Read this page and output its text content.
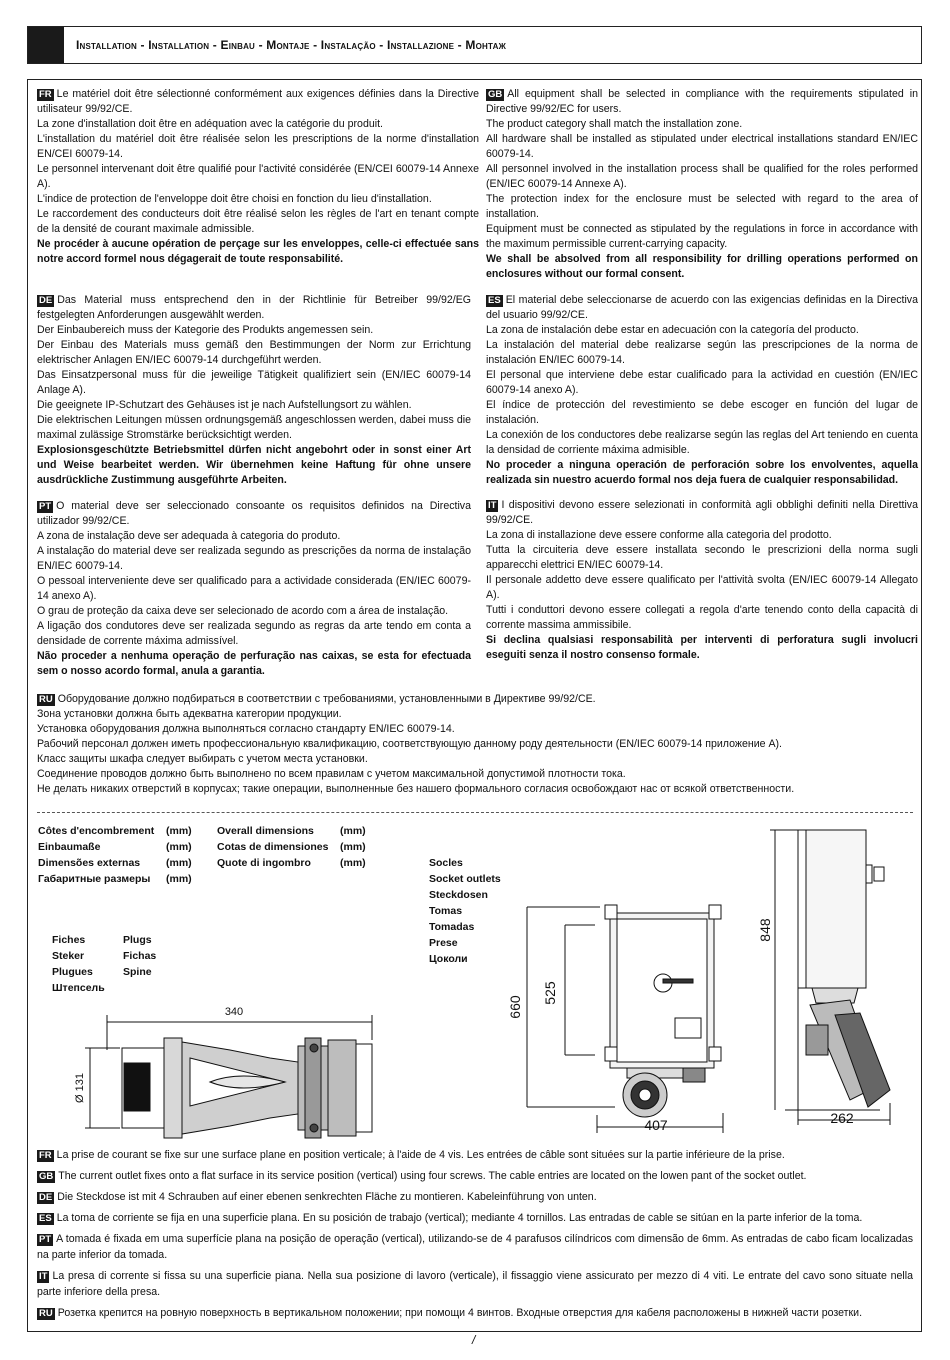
Installation - Installation - Einbau - Montaje - Instalação - Installazione - Монтаж

FR Le matériel doit être sélectionné conformément aux exigences définies dans la Directive utilisateur 99/92/CE.

La zone d'installation doit être en adéquation avec la catégorie du produit.

L'installation du matériel doit être réalisée selon les prescriptions de la norme d'installation EN/CEI 60079-14.

Le personnel intervenant doit être qualifié pour l'activité considérée (EN/CEI 60079-14 Annexe A).

L'indice de protection de l'enveloppe doit être choisi en fonction du lieu d'installation.

Le raccordement des conducteurs doit être réalisé selon les règles de l'art en tenant compte de la densité de courant maximale admissible.

Ne procéder à aucune opération de perçage sur les enveloppes, celle-ci effectuée sans notre accord formel nous dégagerait de toute responsabilité.

GB All equipment shall be selected in compliance with the requirements stipulated in Directive 99/92/EC for users.

The product category shall match the installation zone.

All hardware shall be installed as stipulated under electrical installations standard EN/IEC 60079-14.

All personnel involved in the installation process shall be qualified for the roles performed (EN/IEC 60079-14 Annexe A).

The protection index for the enclosure must be selected with regard to the area of installation.

Equipment must be connected as stipulated by the regulations in force in accordance with the maximum permissible current-carrying capacity.

We shall be absolved from all responsibility for drilling operations performed on enclosures without our formal consent.

DE Das Material muss entsprechend den in der Richtlinie für Betreiber 99/92/EG festgelegten Anforderungen ausgewählt werden.

Der Einbaubereich muss der Kategorie des Produkts angemessen sein.

Der Einbau des Materials muss gemäß den Bestimmungen der Norm zur Errichtung elektrischer Anlagen EN/IEC 60079-14 durchgeführt werden.

Das Einsatzpersonal muss für die jeweilige Tätigkeit qualifiziert sein (EN/IEC 60079-14 Anlage A).

Die geeignete IP-Schutzart des Gehäuses ist je nach Aufstellungsort zu wählen.

Die elektrischen Leitungen müssen ordnungsgemäß angeschlossen werden, dabei muss die maximal zulässige Stromstärke berücksichtigt werden.

Explosionsgeschützte Betriebsmittel dürfen nicht angebohrt oder in sonst einer Art und Weise bearbeitet werden. Wir übernehmen keine Haftung für ohne unsere ausdrückliche Zustimmung ausgeführte Arbeiten.

ES El material debe seleccionarse de acuerdo con las exigencias definidas en la Directiva del usuario 99/92/CE.

La zona de instalación debe estar en adecuación con la categoría del producto.

La instalación del material debe realizarse según las prescripciones de la norma de instalación EN/IEC 60079-14.

El personal que interviene debe estar cualificado para la actividad en cuestión (EN/IEC 60079-14 anexo A).

El índice de protección del revestimiento se debe escoger en función del lugar de instalación.

La conexión de los conductores debe realizarse según las reglas del Art teniendo en cuenta la densidad de corriente máxima admisible.

No proceder a ninguna operación de perforación sobre los envolventes, aquella realizada sin nuestro acuerdo formal nos deja fuera de cualquier responsabilidad.

PT O material deve ser seleccionado consoante os requisitos definidos na Directiva utilizador 99/92/CE.

A zona de instalação deve ser adequada à categoria do produto.

A instalação do material deve ser realizada segundo as prescrições da norma de instalação EN/IEC 60079-14.

O pessoal interveniente deve ser qualificado para a actividade considerada (EN/IEC 60079-14 anexo A).

O grau de proteção da caixa deve ser selecionado de acordo com a área de instalação.

A ligação dos condutores deve ser realizada segundo as regras da arte tendo em conta a densidade de corrente máxima admissível.

Não proceder a nenhuma operação de perfuração nas caixas, se esta for efectuada sem o nosso acordo formal, anula a garantia.

IT I dispositivi devono essere selezionati in conformità agli obblighi definiti nella Direttiva 99/92/CE.

La zona di installazione deve essere conforme alla categoria del prodotto.

Tutta la circuiteria deve essere installata secondo le prescrizioni della norma sugli apparecchi elettrici EN/IEC 60079-14.

Il personale addetto deve essere qualificato per l'attività svolta (EN/IEC 60079-14 Allegato A).

Tutti i conduttori devono essere collegati a regola d'arte tenendo conto della capacità di corrente massima ammissibile.

Si declina qualsiasi responsabilità per interventi di perforatura sugli involucri eseguiti senza il nostro consenso formale.

RU Оборудование должно подбираться в соответствии с требованиями, установленными в Директиве 99/92/CE.

Зона установки должна быть адекватна категории продукции.

Установка оборудования должна выполняться согласно стандарту EN/IEC 60079-14.

Рабочий персонал должен иметь профессиональную квалификацию, соответствующую данному роду деятельности (EN/IEC 60079-14 приложение A).

Класс защиты шкафа следует выбирать с учетом места установки.

Соединение проводов должно быть выполнено по всем правилам с учетом максимальной допустимой плотности тока.

Не делать никаких отверстий в корпусах; такие операции, выполненные без нашего формального согласия освобождают нас от всякой ответственности.

Côtes d'encombrement (mm)
Einbaumaße	(mm)
Dimensões externas (mm)
Габаритные размеры (mm)
Overall dimensions (mm)
Cotas de dimensiones (mm)
Quote di ingombro	(mm)
Fiches
Steker
Plugues
Штепсель
Plugs
Fichas
Spine
Socles
Socket outlets
Steckdosen
Tomas
Tomadas
Prese
Цоколи
340
Ø 131
660
525
407
848
262

FR La prise de courant se fixe sur une surface plane en position verticale; à l'aide de 4 vis. Les entrées de câble sont situées sur la partie inférieure de la prise.

GB The current outlet fixes onto a flat surface in its service position (vertical) using four screws. The cable entries are located on the lowen pant of the socket outlet.

DE Die Steckdose ist mit 4 Schrauben auf einer ebenen senkrechten Fläche zu montieren. Kabeleinführung von unten.

ES La toma de corriente se fija en una superficie plana. En su posición de trabajo (vertical); mediante 4 tornillos. Las entradas de cable se sitúan en la parte inferior de la toma.

PT A tomada é fixada em uma superfície plana na posição de operação (vertical), utilizando-se de 4 parafusos cilíndricos com dimensão de 6mm. As entradas de cabo ficam localizadas na parte inferior da tomada.

IT La presa di corrente si fissa su una superficie piana. Nella sua posizione di lavoro (verticale), il fissaggio viene assicurato per mezzo di 4 viti. Le entrate del cavo sono situate nella parte inferiore della presa.

RU Розетка крепится на ровную поверхность в вертикальном положении; при помощи 4 винтов. Входные отверстия для кабеля расположены в нижней части розетки.

/
